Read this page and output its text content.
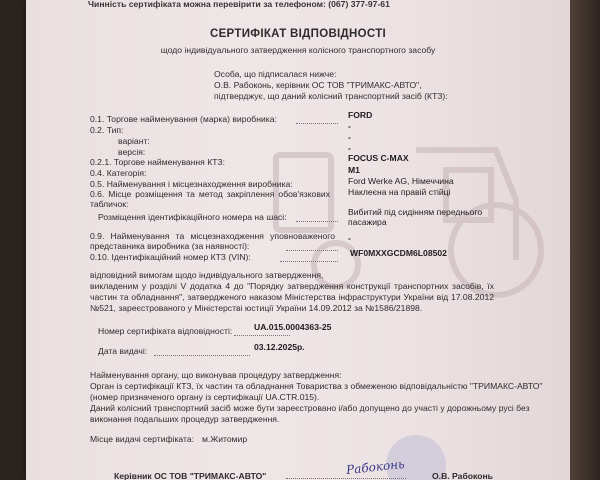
Чинність сертифіката можна перевірити за телефоном: (067) 377-97-61
СЕРТИФІКАТ ВІДПОВІДНОСТІ
щодо індивідуального затвердження колісного транспортного засобу
Особа, що підписалася нижче:
О.В. Рабоконь, керівник ОС ТОВ "ТРИМАКС-АВТО",
підтверджує, що даний колісний транспортний засіб (КТЗ):
0.1. Торгове найменування (марка) виробника:	FORD
0.2. Тип:	-
варіант:	-
версія:	-
0.2.1. Торгове найменування КТЗ:	FOCUS C-MAX
0.4. Категорія:	M1
0.5. Найменування і місцезнаходження виробника:	Ford Werke AG, Німеччина
0.6. Місце розміщення та метод закріплення обов'язкових табличок:
Наклеєна на правій стійці
Розміщення ідентифікаційного номера на шасі:	Вибитий під сидінням переднього пасажира
0.9. Найменування та місцезнаходження уповноваженого представника виробника (за наявності):
-
0.10. Ідентифікаційний номер КТЗ (VIN):	WF0MXXGCDM6L08502
відповідний вимогам щодо індивідуального затвердження,
викладеним у розділі V додатка 4 до "Порядку затвердження конструкції транспортних засобів, їх частин та обладнання", затвердженого наказом Міністерства інфраструктури України від 17.08.2012 №521, зареєстрованого у Міністерстві юстиції України 14.09.2012 за №1586/21898.
Номер сертифіката відповідності:	UA.015.0004363-25
Дата видачі:	03.12.2025р.
Найменування органу, що виконував процедуру затвердження:
Орган із сертифікації КТЗ, їх частин та обладнання Товариства з обмеженою відповідальністю "ТРИМАКС-АВТО"
(номер призначеного органу із сертифікації UA.CTR.015).
Даний колісний транспортний засіб може бути зареєстровано і/або допущено до участі у дорожньому русі без
виконання подальших процедур затвердження.
Місце видачі сертифіката: м.Житомир
Керівник ОС ТОВ "ТРИМАКС-АВТО"	Рабоконь	О.В. Рабоконь
